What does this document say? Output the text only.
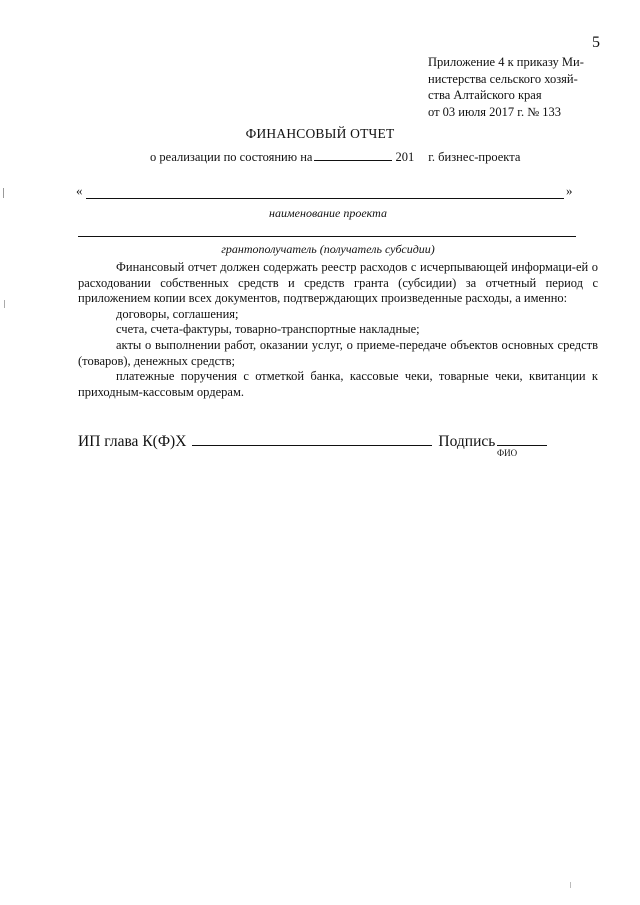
5
Приложение 4 к приказу Ми-
нистерства сельского хозяй-
ства Алтайского края
от 03 июля 2017 г. № 133
ФИНАНСОВЫЙ ОТЧЕТ
о реализации по состоянию на	201 г. бизнес-проекта
«	»
наименование проекта
грантополучатель (получатель субсидии)

Финансовый отчет должен содержать реестр расходов с исчерпывающей информаци-ей о расходовании собственных средств и средств гранта (субсидии) за отчетный период с приложением копии всех документов, подтверждающих произведенные расходы, а именно:

договоры, соглашения;

счета, счета-фактуры, товарно-транспортные накладные;

акты о выполнении работ, оказании услуг, о приеме-передаче объектов основных средств (товаров), денежных средств;

платежные поручения с отметкой банка, кассовые чеки, товарные чеки, квитанции к приходным-кассовым ордерам.

ИП глава К(Ф)Х	Подпись
ФИО
